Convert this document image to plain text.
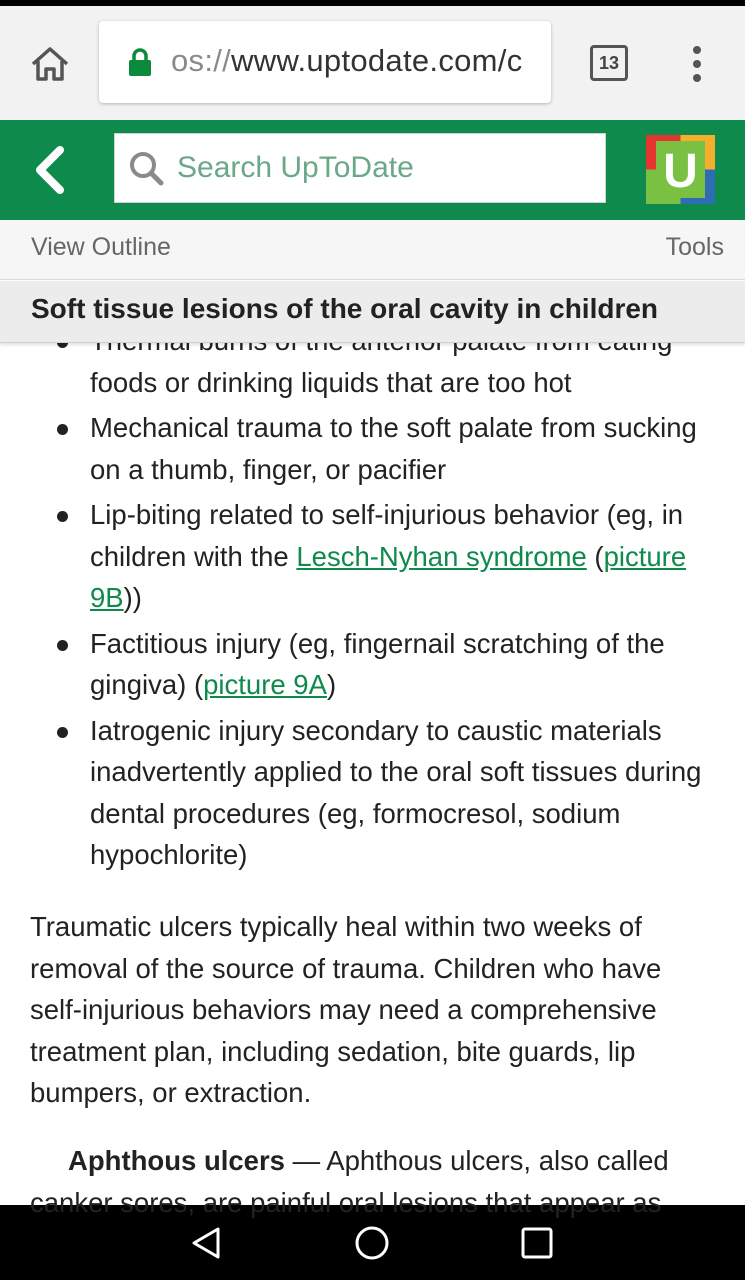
os://www.uptodate.com/c	13
Search UpToDate	U
View Outline	Tools
Soft tissue lesions of the oral cavity in children
foods or drinking liquids that are too hot
Mechanical trauma to the soft palate from sucking on a thumb, finger, or pacifier
Lip-biting related to self-injurious behavior (eg, in children with the Lesch-Nyhan syndrome (picture 9B))
Factitious injury (eg, fingernail scratching of the gingiva) (picture 9A)
Iatrogenic injury secondary to caustic materials inadvertently applied to the oral soft tissues during dental procedures (eg, formocresol, sodium hypochlorite)

Traumatic ulcers typically heal within two weeks of removal of the source of trauma. Children who have self-injurious behaviors may need a comprehensive treatment plan, including sedation, bite guards, lip bumpers, or extraction.

Aphthous ulcers — Aphthous ulcers, also called canker sores, are painful oral lesions that appear as
